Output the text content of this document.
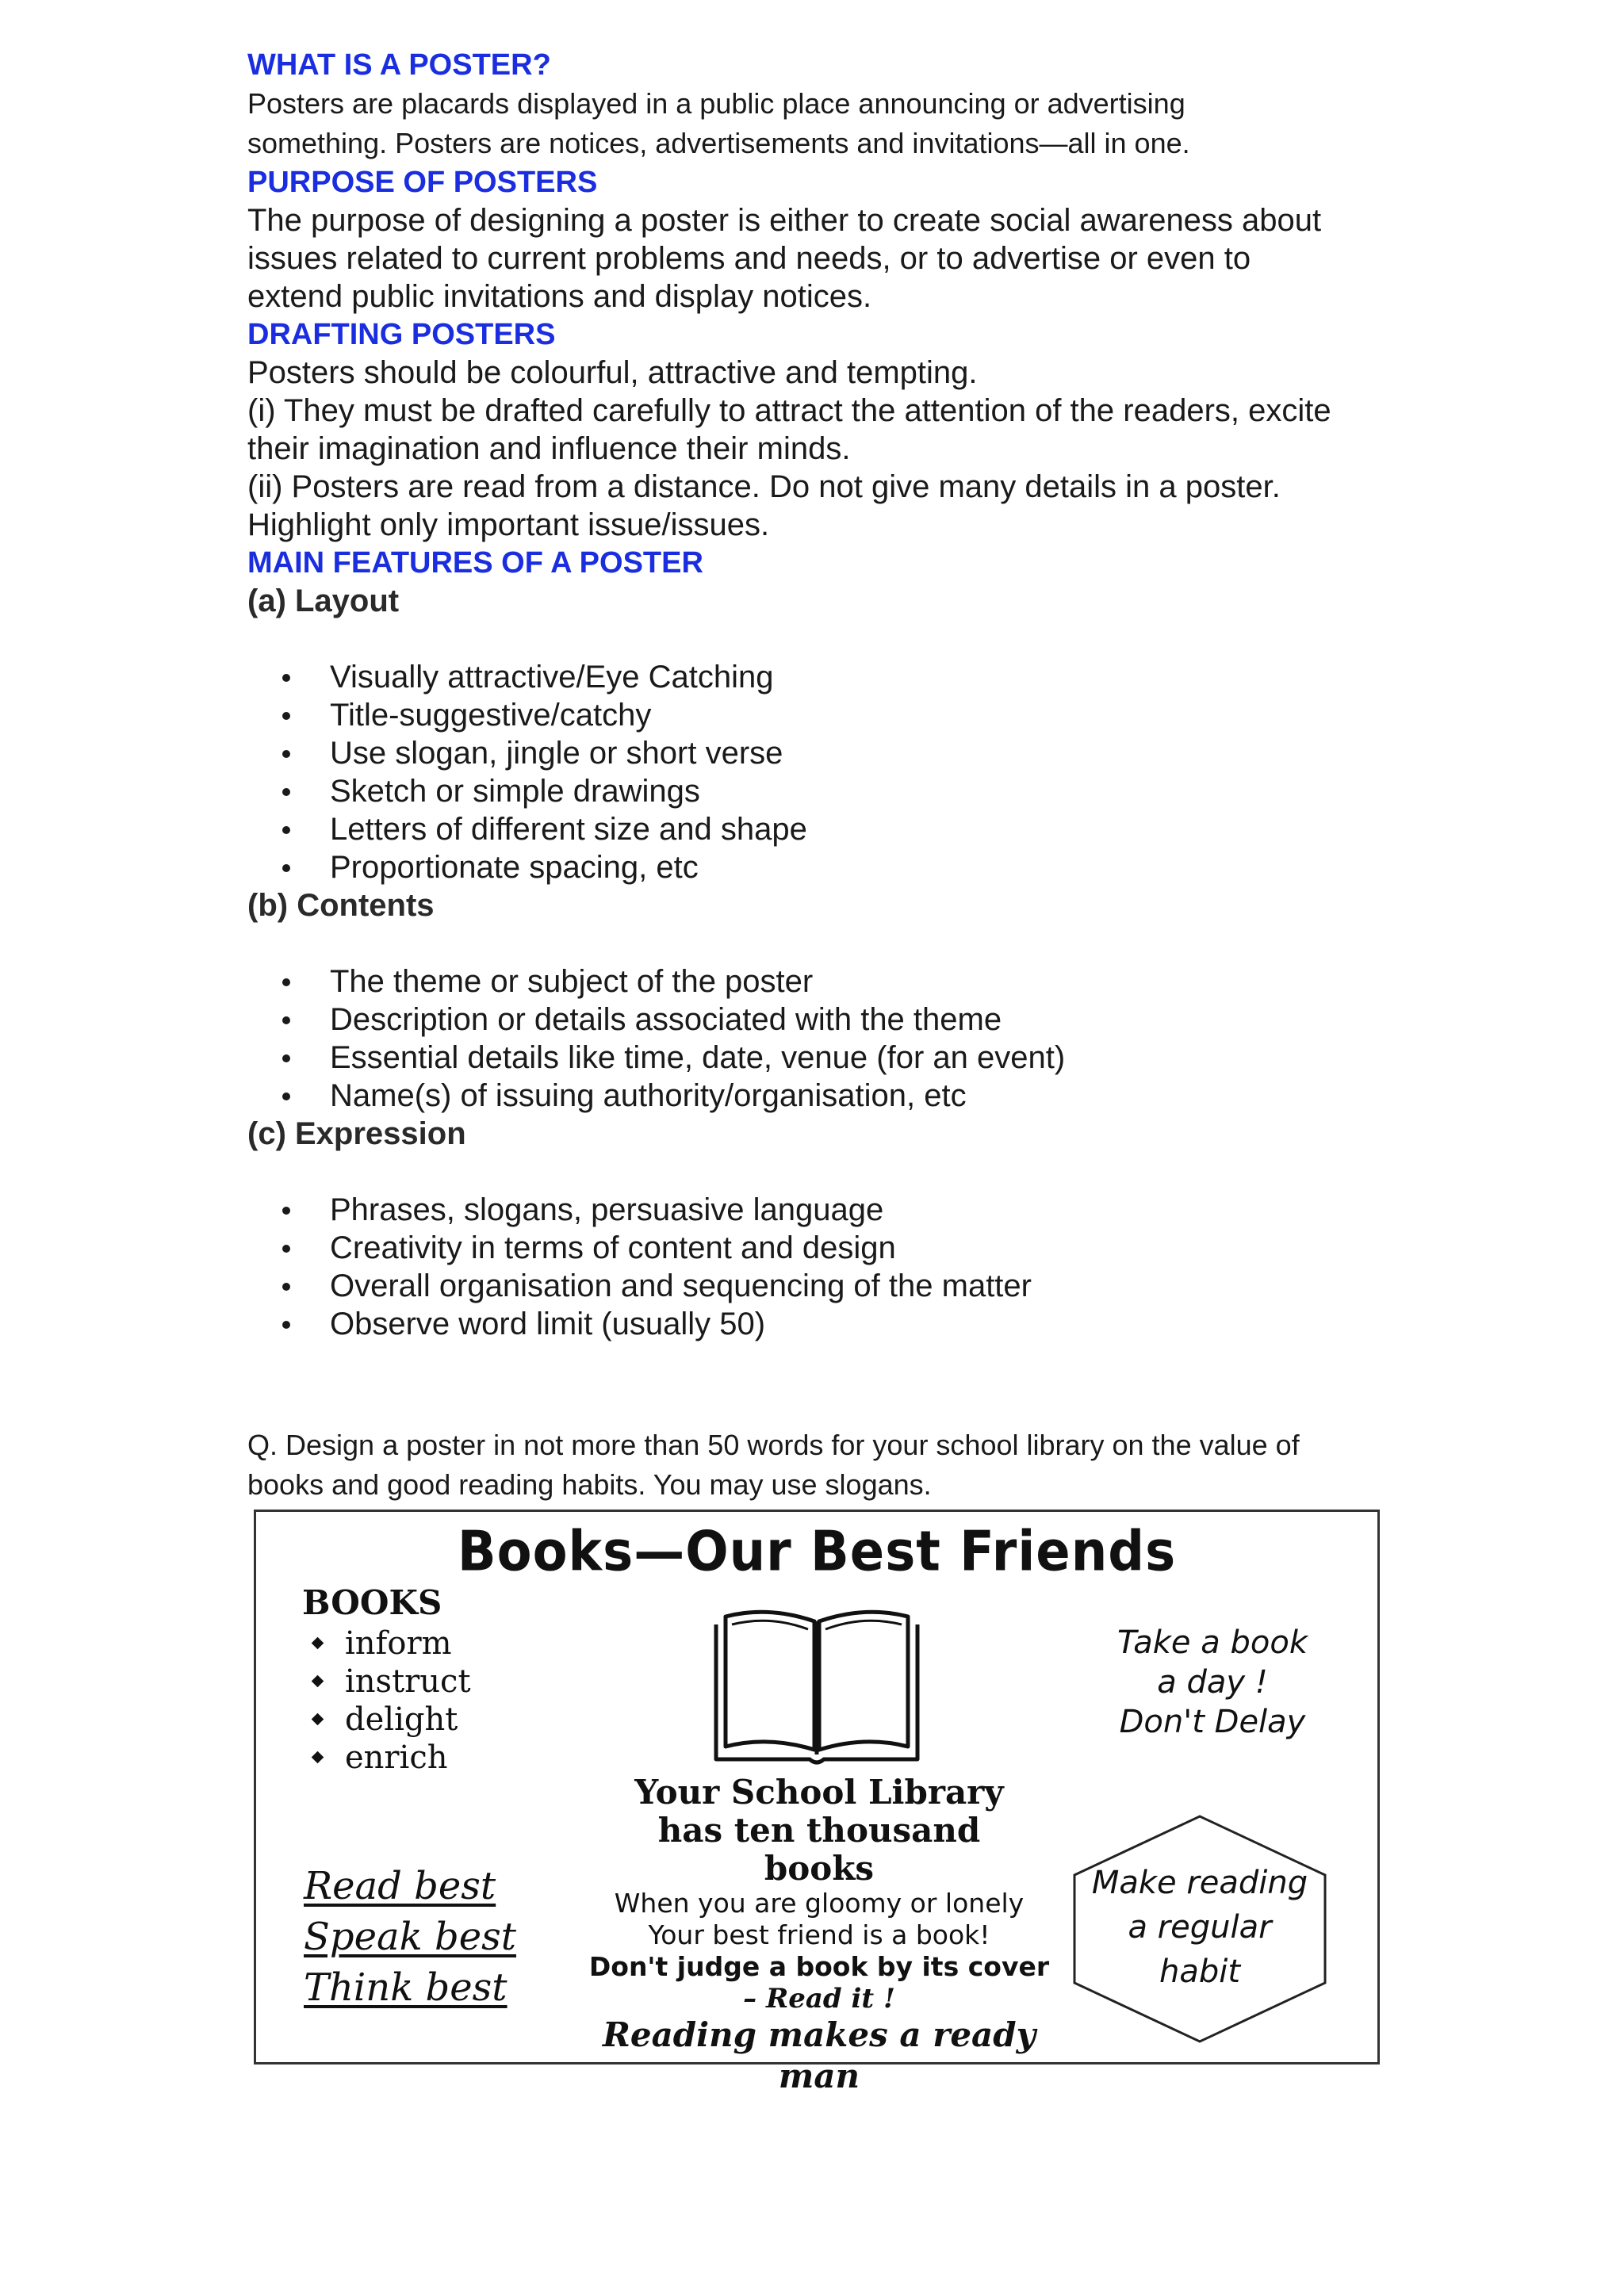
WHAT IS A POSTER?

Posters are placards displayed in a public place announcing or advertising

something. Posters are notices, advertisements and invitations—all in one.

PURPOSE OF POSTERS

The purpose of designing a poster is either to create social awareness about

issues related to current problems and needs, or to advertise or even to

extend public invitations and display notices.

DRAFTING POSTERS

Posters should be colourful, attractive and tempting.

(i) They must be drafted carefully to attract the attention of the readers, excite

their imagination and influence their minds.

(ii) Posters are read from a distance. Do not give many details in a poster.

Highlight only important issue/issues.

MAIN FEATURES OF A POSTER
(a) Layout
Visually attractive/Eye Catching
Title-suggestive/catchy
Use slogan, jingle or short verse
Sketch or simple drawings
Letters of different size and shape
Proportionate spacing, etc
(b) Contents
The theme or subject of the poster
Description or details associated with the theme
Essential details like time, date, venue (for an event)
Name(s) of issuing authority/organisation, etc
(c) Expression
Phrases, slogans, persuasive language
Creativity in terms of content and design
Overall organisation and sequencing of the matter
Observe word limit (usually 50)

Q. Design a poster in not more than 50 words for your school library on the value of

books and good reading habits. You may use slogans.

Books—Our Best Friends
BOOKS
inform
instruct
delight
enrich
Read best
Speak best
Think best
Take a book
a day !
Don't Delay
Make reading
a regular
habit
Your School Library
has ten thousand
books
When you are gloomy or lonely
Your best friend is a book!
Don't judge a book by its cover
– Read it !
Reading makes a ready man
